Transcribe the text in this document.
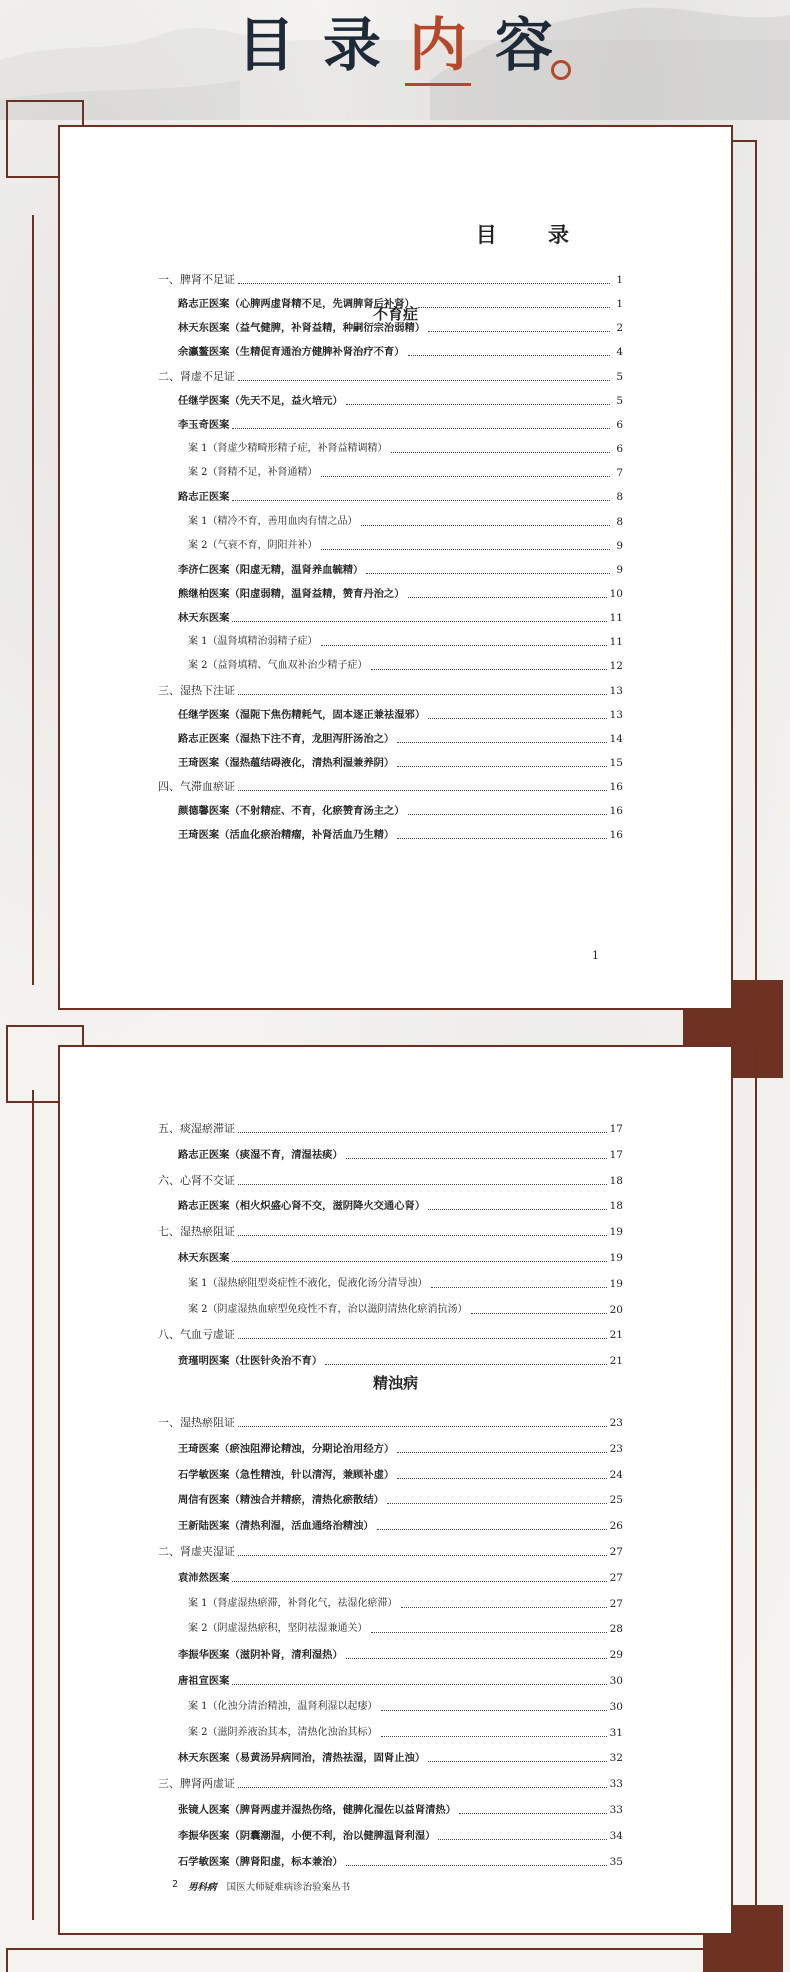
目 录 内 容
目 录
不育症
一、脾肾不足证	1
路志正医案（心脾两虚肾精不足，先调脾肾后补肾）	1
林天东医案（益气健脾，补肾益精，种嗣衍宗治弱精）	2
余瀛鳌医案（生精促育通治方健脾补肾治疗不育）	4
二、肾虚不足证	5
任继学医案（先天不足，益火培元）	5
李玉奇医案	6
案 1（肾虚少精畸形精子症，补肾益精调精）	6
案 2（肾精不足，补肾通精）	7
路志正医案	8
案 1（精冷不育，善用血肉有情之品）	8
案 2（气衰不育，阴阳并补）	9
李济仁医案（阳虚无精，温肾养血毓精）	9
熊继柏医案（阳虚弱精，温肾益精，赞育丹治之）	10
林天东医案	11
案 1（温肾填精治弱精子症）	11
案 2（益肾填精、气血双补治少精子症）	12
三、湿热下注证	13
任继学医案（湿阨下焦伤精耗气，固本逐正兼祛湿邪）	13
路志正医案（湿热下注不育，龙胆泻肝汤治之）	14
王琦医案（湿热蕴结碍液化，清热利湿兼养阴）	15
四、气滞血瘀证	16
颜德馨医案（不射精症、不育，化瘀赞育汤主之）	16
王琦医案（活血化瘀治精瘤，补肾活血乃生精）	16
1
五、痰湿瘀滞证	17
路志正医案（痰湿不育，清湿祛痰）	17
六、心肾不交证	18
路志正医案（相火炽盛心肾不交，滋阴降火交通心肾）	18
七、湿热瘀阻证	19
林天东医案	19
案 1（湿热瘀阻型炎症性不液化，促液化汤分清导浊）	19
案 2（阴虚湿热血瘀型免疫性不育，治以滋阴清热化瘀消抗汤）	20
八、气血亏虚证	21
贲瑾明医案（壮医针灸治不育）	21
精浊病
一、湿热瘀阻证	23
王琦医案（瘀浊阻滞论精浊，分期论治用经方）	23
石学敏医案（急性精浊，针以清泻，兼顾补虚）	24
周信有医案（精浊合并精瘀，清热化瘀散结）	25
王新陆医案（清热利湿，活血通络治精浊）	26
二、肾虚夹湿证	27
袁沛然医案	27
案 1（肾虚湿热瘀滞，补肾化气，祛湿化瘀滞）	27
案 2（阴虚湿热瘀积，坚阴祛湿兼通关）	28
李振华医案（滋阴补肾，清利湿热）	29
唐祖宣医案	30
案 1（化浊分清治精浊，温肾利湿以起痿）	30
案 2（滋阴养液治其本，清热化浊治其标）	31
林天东医案（易黄汤异病同治，清热祛湿，固肾止浊）	32
三、脾肾两虚证	33
张镜人医案（脾肾两虚并湿热伤络，健脾化湿佐以益肾清热）	33
李振华医案（阴囊潮湿，小便不利，治以健脾温肾利湿）	34
石学敏医案（脾肾阳虚，标本兼治）	35
2 男科病 国医大师疑难病诊治验案丛书
